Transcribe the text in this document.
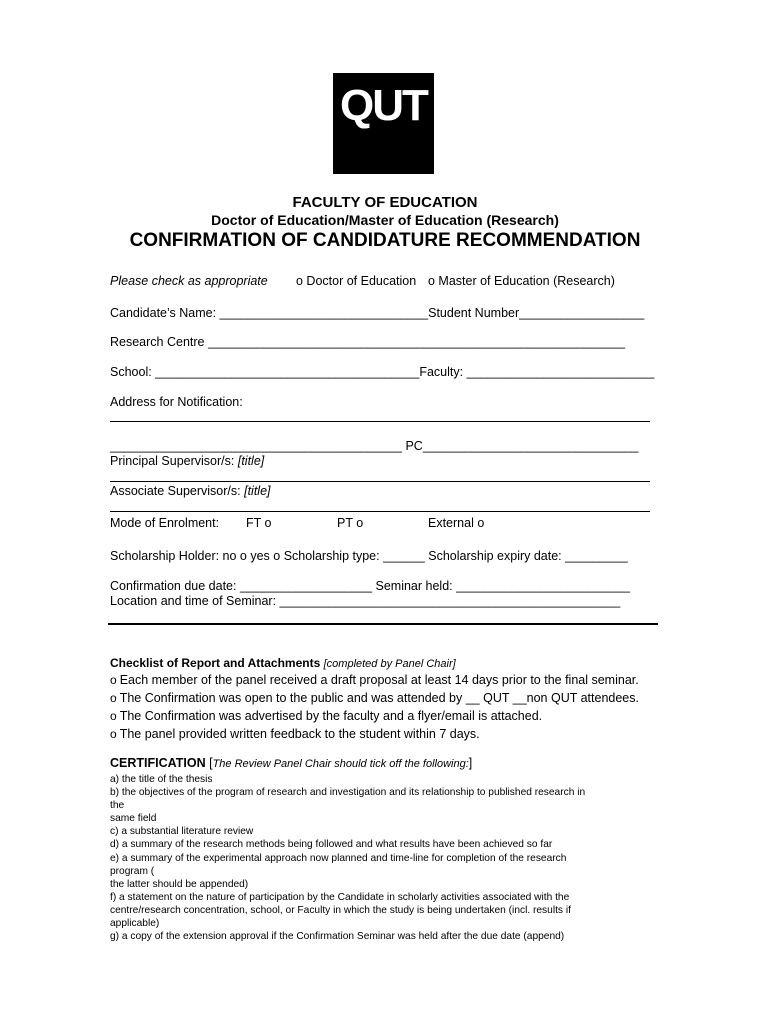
QUT
FACULTY OF EDUCATION
Doctor of Education/Master of Education (Research)
CONFIRMATION OF CANDIDATURE RECOMMENDATION
Please check as appropriate o Doctor of Education o Master of Education (Research)
Candidate’s Name: ______________________________Student Number__________________
Research Centre ____________________________________________________________
School: ______________________________________Faculty: ___________________________
Address for Notification:
__________________________________________ PC_______________________________
Principal Supervisor/s: [title]
Associate Supervisor/s: [title]
Mode of Enrolment: FT o	PT o	External o
Scholarship Holder: no o yes o Scholarship type: ______ Scholarship expiry date: _________
Confirmation due date: ___________________ Seminar held: _________________________
Location and time of Seminar: _________________________________________________
Checklist of Report and Attachments [completed by Panel Chair]
o Each member of the panel received a draft proposal at least 14 days prior to the final seminar.
o The Confirmation was open to the public and was attended by __ QUT __non QUT attendees.
o The Confirmation was advertised by the faculty and a flyer/email is attached.
o The panel provided written feedback to the student within 7 days.
CERTIFICATION [The Review Panel Chair should tick off the following:]
a) the title of the thesis
b) the objectives of the program of research and investigation and its relationship to published research in
the
same field
c) a substantial literature review
d) a summary of the research methods being followed and what results have been achieved so far
e) a summary of the experimental approach now planned and time-line for completion of the research
program (
the latter should be appended)
f) a statement on the nature of participation by the Candidate in scholarly activities associated with the
centre/research concentration, school, or Faculty in which the study is being undertaken (incl. results if
applicable)
g) a copy of the extension approval if the Confirmation Seminar was held after the due date (append)
